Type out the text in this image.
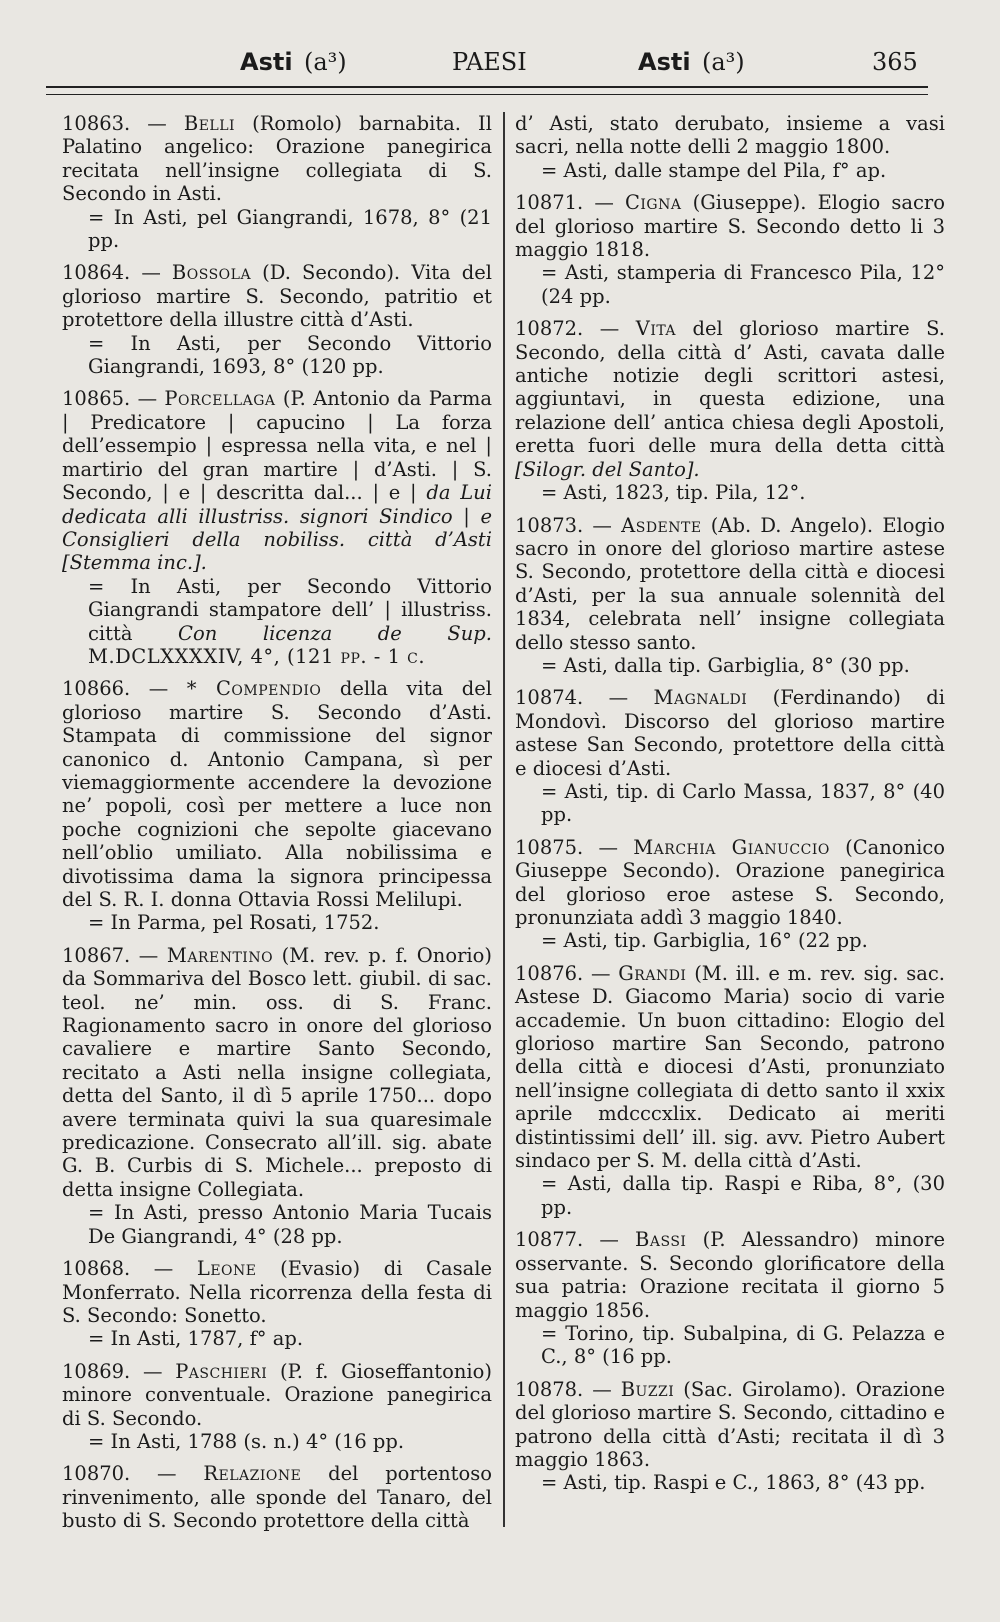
Asti (a³)	PAESI	Asti (a³)	365

10863. — Belli (Romolo) barnabita. Il Palatino angelico: Orazione panegirica recitata nell’insigne collegiata di S. Secondo in Asti.

= In Asti, pel Giangrandi, 1678, 8° (21 pp.

10864. — Bossola (D. Secondo). Vita del glorioso martire S. Secondo, patritio et protettore della illustre città d’Asti.

= In Asti, per Secondo Vittorio Giangrandi, 1693, 8° (120 pp.

10865. — Porcellaga (P. Antonio da Parma | Predicatore | capucino | La forza dell’essempio | espressa nella vita, e nel | martirio del gran martire | d’Asti. | S. Secondo, | e | descritta dal... | e | da Lui dedicata alli illustriss. signori Sindico | e Consiglieri della nobiliss. città d’Asti [Stemma inc.].

= In Asti, per Secondo Vittorio Giangrandi stampatore dell’ | illustriss. città Con licenza de Sup. M.DCLXXXXIV, 4°, (121 pp. - 1 c.

10866. — * Compendio della vita del glorioso martire S. Secondo d’Asti. Stampata di commissione del signor canonico d. Antonio Campana, sì per viemaggiormente accendere la devozione ne’ popoli, così per mettere a luce non poche cognizioni che sepolte giacevano nell’oblio umiliato. Alla nobilissima e divotissima dama la signora principessa del S. R. I. donna Ottavia Rossi Melilupi.

= In Parma, pel Rosati, 1752.

10867. — Marentino (M. rev. p. f. Onorio) da Sommariva del Bosco lett. giubil. di sac. teol. ne’ min. oss. di S. Franc. Ragionamento sacro in onore del glorioso cavaliere e martire Santo Secondo, recitato a Asti nella insigne collegiata, detta del Santo, il dì 5 aprile 1750... dopo avere terminata quivi la sua quaresimale predicazione. Consecrato all’ill. sig. abate G. B. Curbis di S. Michele... preposto di detta insigne Collegiata.

= In Asti, presso Antonio Maria Tucais De Giangrandi, 4° (28 pp.

10868. — Leone (Evasio) di Casale Monferrato. Nella ricorrenza della festa di S. Secondo: Sonetto.

= In Asti, 1787, f° ap.

10869. — Paschieri (P. f. Gioseffantonio) minore conventuale. Orazione panegirica di S. Secondo.

= In Asti, 1788 (s. n.) 4° (16 pp.

10870. — Relazione del portentoso rinvenimento, alle sponde del Tanaro, del busto di S. Secondo protettore della città

d’ Asti, stato derubato, insieme a vasi sacri, nella notte delli 2 maggio 1800.

= Asti, dalle stampe del Pila, f° ap.

10871. — Cigna (Giuseppe). Elogio sacro del glorioso martire S. Secondo detto li 3 maggio 1818.

= Asti, stamperia di Francesco Pila, 12° (24 pp.

10872. — Vita del glorioso martire S. Secondo, della città d’ Asti, cavata dalle antiche notizie degli scrittori astesi, aggiuntavi, in questa edizione, una relazione dell’ antica chiesa degli Apostoli, eretta fuori delle mura della detta città [Silogr. del Santo].

= Asti, 1823, tip. Pila, 12°.

10873. — Asdente (Ab. D. Angelo). Elogio sacro in onore del glorioso martire astese S. Secondo, protettore della città e diocesi d’Asti, per la sua annuale solennità del 1834, celebrata nell’ insigne collegiata dello stesso santo.

= Asti, dalla tip. Garbiglia, 8° (30 pp.

10874. — Magnaldi (Ferdinando) di Mondovì. Discorso del glorioso martire astese San Secondo, protettore della città e diocesi d’Asti.

= Asti, tip. di Carlo Massa, 1837, 8° (40 pp.

10875. — Marchia Gianuccio (Canonico Giuseppe Secondo). Orazione panegirica del glorioso eroe astese S. Secondo, pronunziata addì 3 maggio 1840.

= Asti, tip. Garbiglia, 16° (22 pp.

10876. — Grandi (M. ill. e m. rev. sig. sac. Astese D. Giacomo Maria) socio di varie accademie. Un buon cittadino: Elogio del glorioso martire San Secondo, patrono della città e diocesi d’Asti, pronunziato nell’insigne collegiata di detto santo il xxix aprile mdcccxlix. Dedicato ai meriti distintissimi dell’ ill. sig. avv. Pietro Aubert sindaco per S. M. della città d’Asti.

= Asti, dalla tip. Raspi e Riba, 8°, (30 pp.

10877. — Bassi (P. Alessandro) minore osservante. S. Secondo glorificatore della sua patria: Orazione recitata il giorno 5 maggio 1856.

= Torino, tip. Subalpina, di G. Pelazza e C., 8° (16 pp.

10878. — Buzzi (Sac. Girolamo). Orazione del glorioso martire S. Secondo, cittadino e patrono della città d’Asti; recitata il dì 3 maggio 1863.

= Asti, tip. Raspi e C., 1863, 8° (43 pp.
